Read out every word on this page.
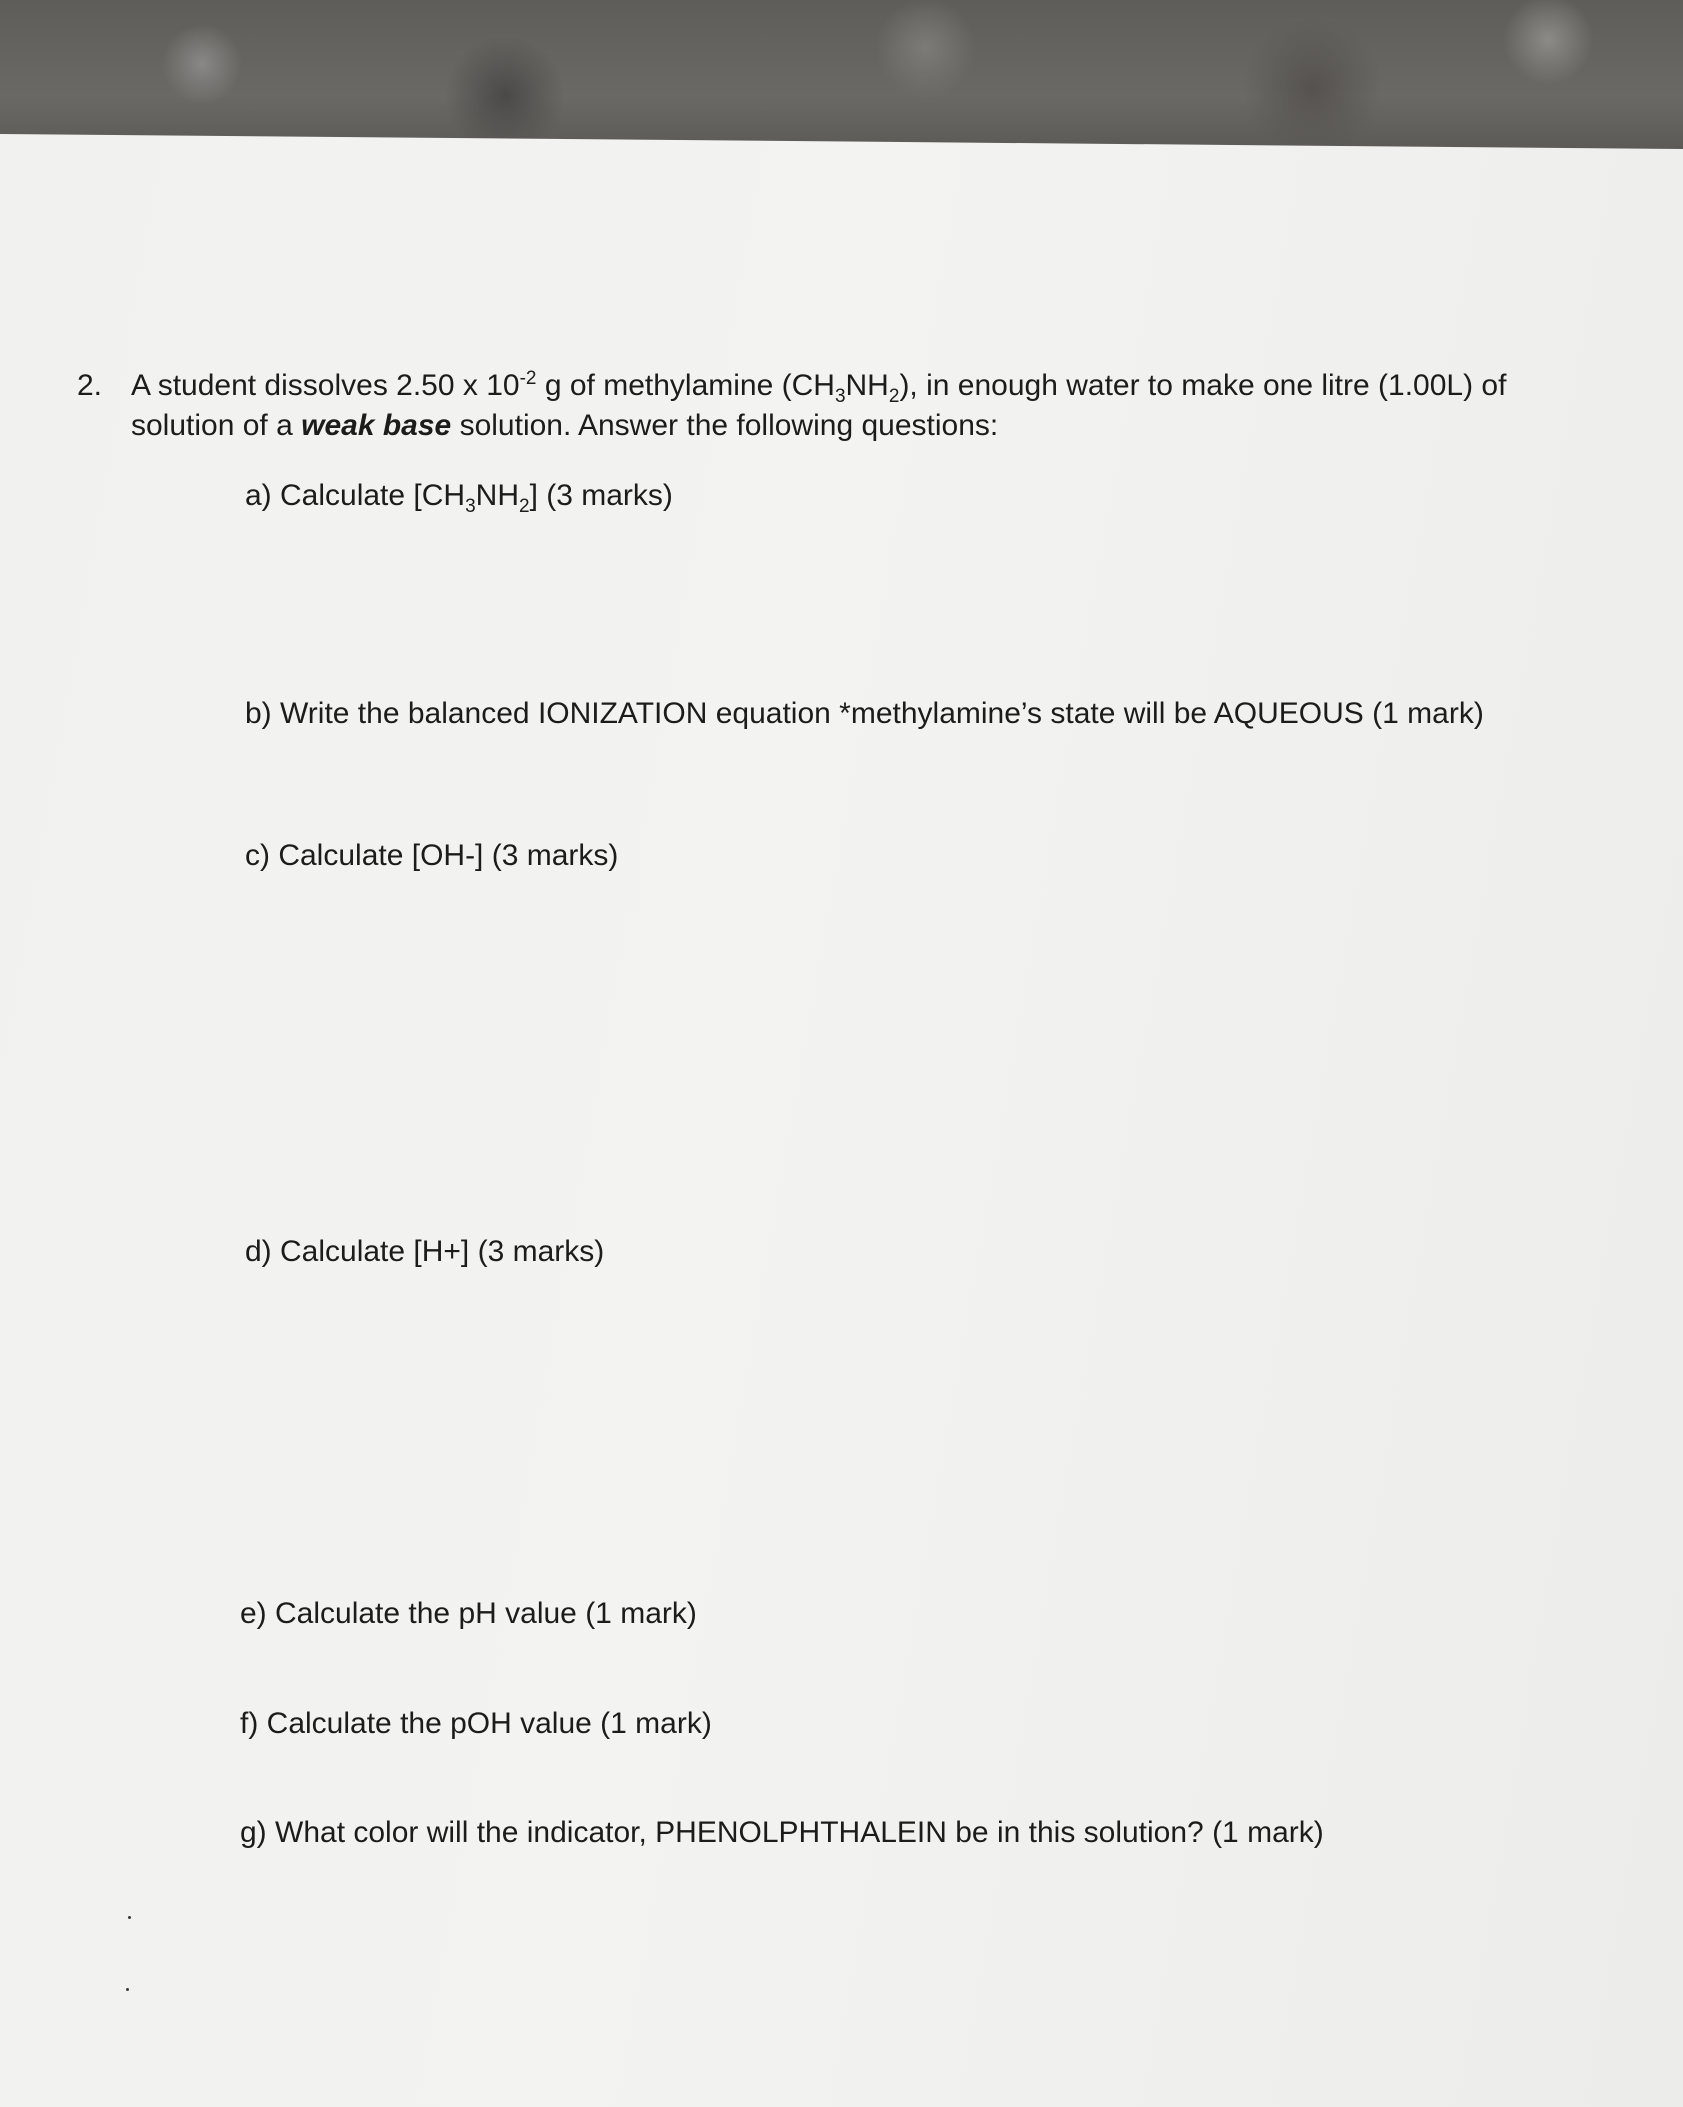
2. A student dissolves 2.50 x $10^{-2}$ g of methylamine $(CH_3NH_2)$, in enough water to make one litre (1.00L) of
solution of a weak base solution. Answer the following questions:
a) Calculate $[CH_3NH_2]$ (3 marks)
b) Write the balanced IONIZATION equation *methylamine’s state will be AQUEOUS (1 mark)
c) Calculate [OH-] (3 marks)
d) Calculate [H+] (3 marks)
e) Calculate the pH value (1 mark)
f) Calculate the pOH value (1 mark)
g) What color will the indicator, PHENOLPHTHALEIN be in this solution? (1 mark)
